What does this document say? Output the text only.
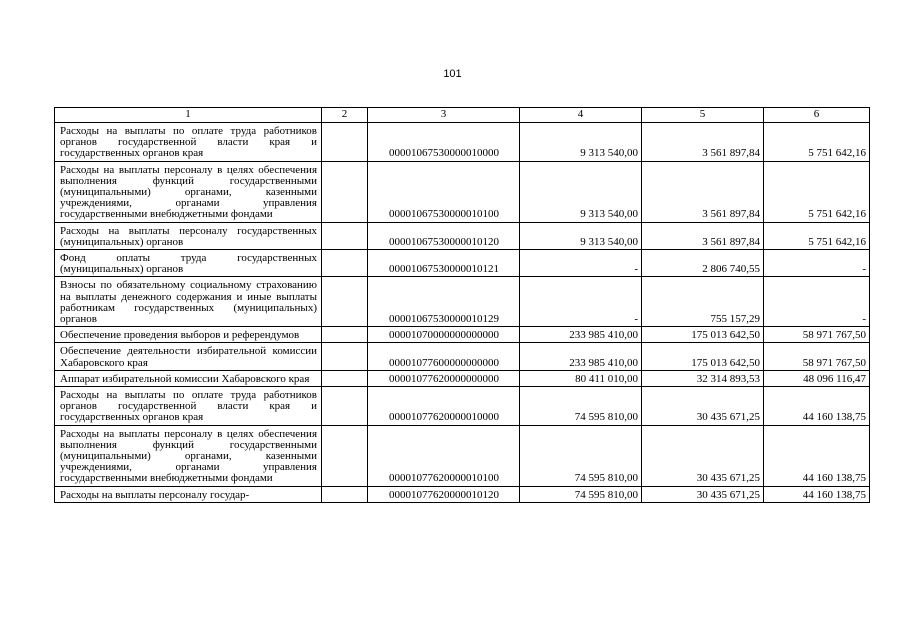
101
1	2	3	4	5	6
Расходы на выплаты по оплате труда работников органов государственной власти края и государственных органов края		00001067530000010000	9 313 540,00	3 561 897,84	5 751 642,16
Расходы на выплаты персоналу в целях обеспечения выполнения функций государственными (муниципальными) органами, казенными учреждениями, органами управления государственными внебюджетными фондами		00001067530000010100	9 313 540,00	3 561 897,84	5 751 642,16
Расходы на выплаты персоналу государственных (муниципальных) органов		00001067530000010120	9 313 540,00	3 561 897,84	5 751 642,16
Фонд оплаты труда государственных (муниципальных) органов		00001067530000010121	-	2 806 740,55	-
Взносы по обязательному социальному страхованию на выплаты денежного содержания и иные выплаты работникам государственных (муниципальных) органов		00001067530000010129	-	755 157,29	-
Обеспечение проведения выборов и референдумов		00001070000000000000	233 985 410,00	175 013 642,50	58 971 767,50
Обеспечение деятельности избирательной комиссии Хабаровского края		00001077600000000000	233 985 410,00	175 013 642,50	58 971 767,50
Аппарат избирательной комиссии Хабаровского края		00001077620000000000	80 411 010,00	32 314 893,53	48 096 116,47
Расходы на выплаты по оплате труда работников органов государственной власти края и государственных органов края		00001077620000010000	74 595 810,00	30 435 671,25	44 160 138,75
Расходы на выплаты персоналу в целях обеспечения выполнения функций государственными (муниципальными) органами, казенными учреждениями, органами управления государственными внебюджетными фондами		00001077620000010100	74 595 810,00	30 435 671,25	44 160 138,75
Расходы на выплаты персоналу государ-		00001077620000010120	74 595 810,00	30 435 671,25	44 160 138,75
